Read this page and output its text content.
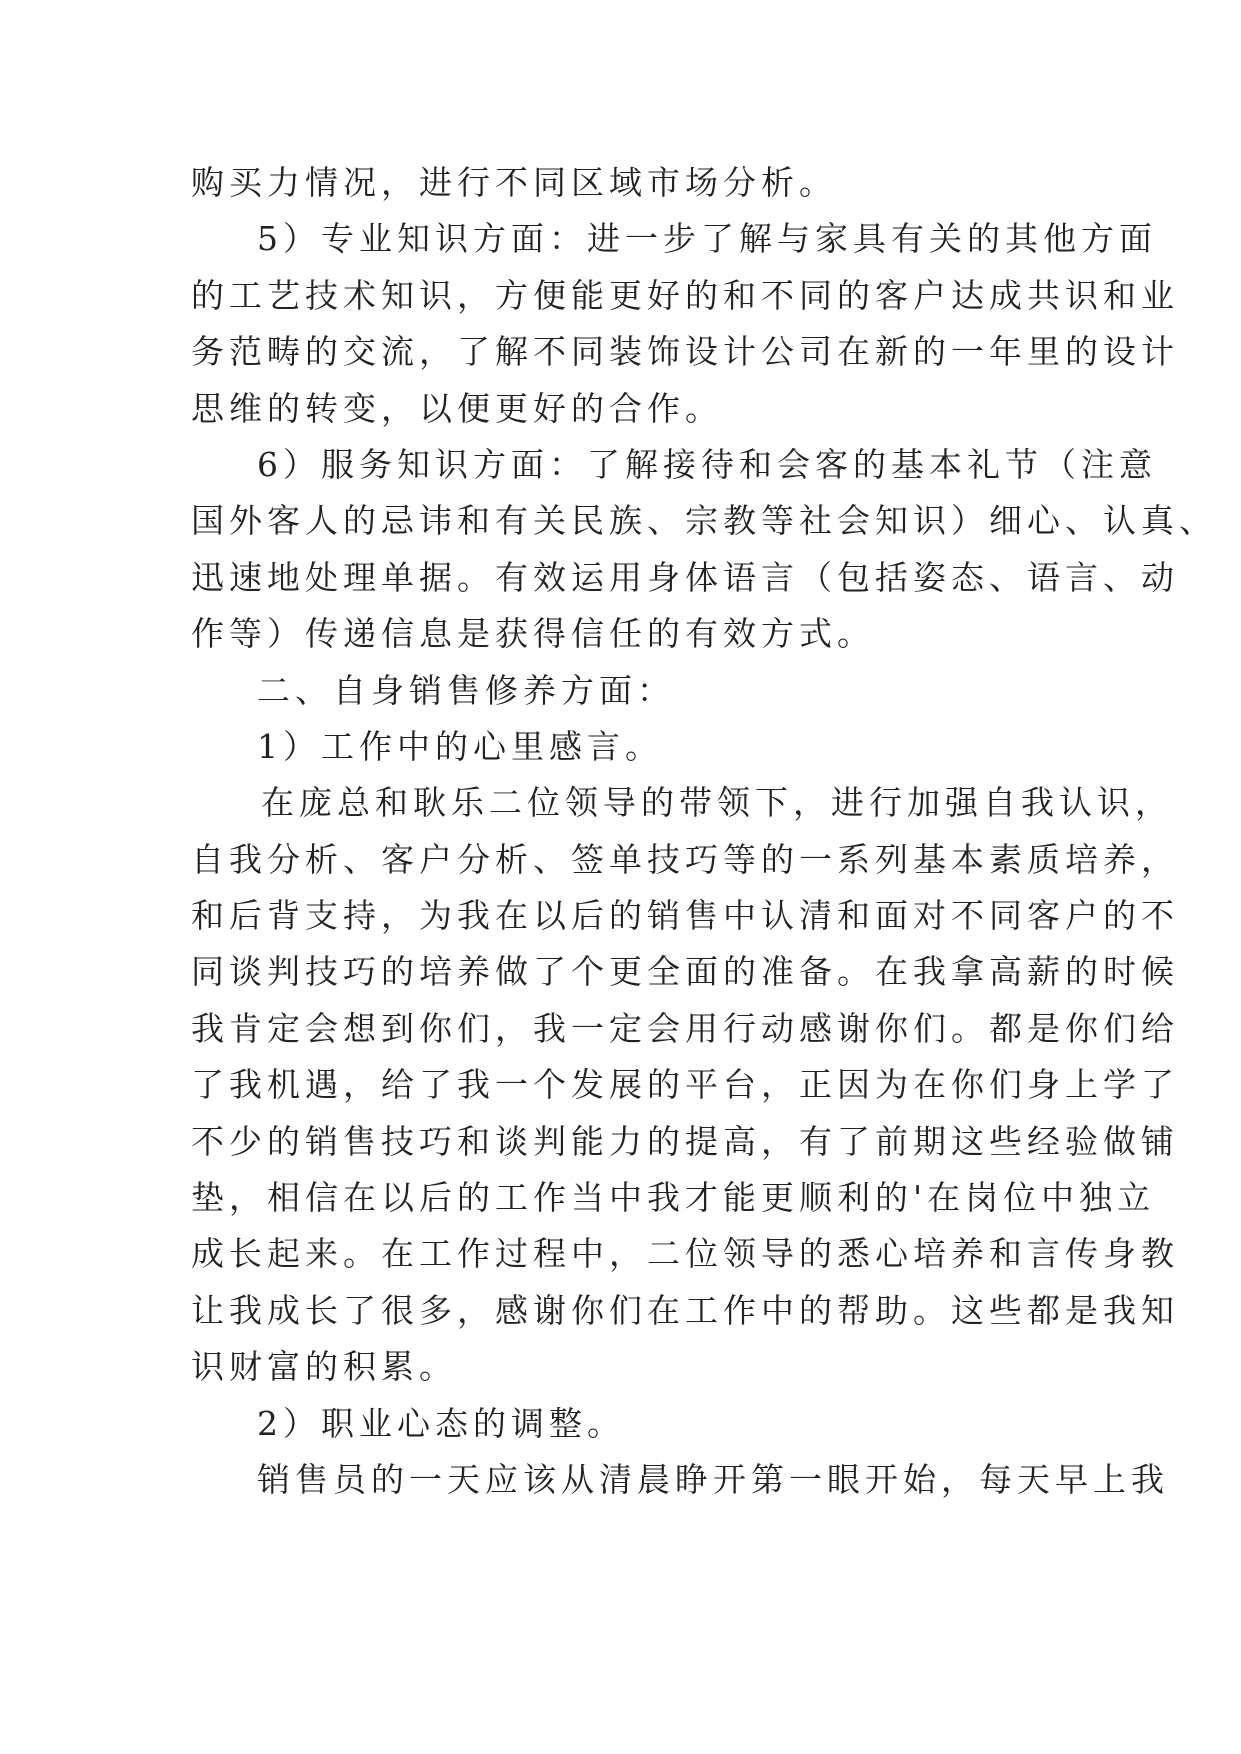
购买力情况，进行不同区域市场分析。
5）专业知识方面：进一步了解与家具有关的其他方面
的工艺技术知识，方便能更好的和不同的客户达成共识和业
务范畴的交流，了解不同装饰设计公司在新的一年里的设计
思维的转变，以便更好的合作。
6）服务知识方面：了解接待和会客的基本礼节（注意
国外客人的忌讳和有关民族、宗教等社会知识）细心、认真、
迅速地处理单据。有效运用身体语言（包括姿态、语言、动
作等）传递信息是获得信任的有效方式。
二、自身销售修养方面：
1）工作中的心里感言。
在庞总和耿乐二位领导的带领下，进行加强自我认识，
自我分析、客户分析、签单技巧等的一系列基本素质培养，
和后背支持，为我在以后的销售中认清和面对不同客户的不
同谈判技巧的培养做了个更全面的准备。在我拿高薪的时候
我肯定会想到你们，我一定会用行动感谢你们。都是你们给
了我机遇，给了我一个发展的平台，正因为在你们身上学了
不少的销售技巧和谈判能力的提高，有了前期这些经验做铺
垫，相信在以后的工作当中我才能更顺利的'在岗位中独立
成长起来。在工作过程中，二位领导的悉心培养和言传身教
让我成长了很多，感谢你们在工作中的帮助。这些都是我知
识财富的积累。
2）职业心态的调整。
销售员的一天应该从清晨睁开第一眼开始，每天早上我
